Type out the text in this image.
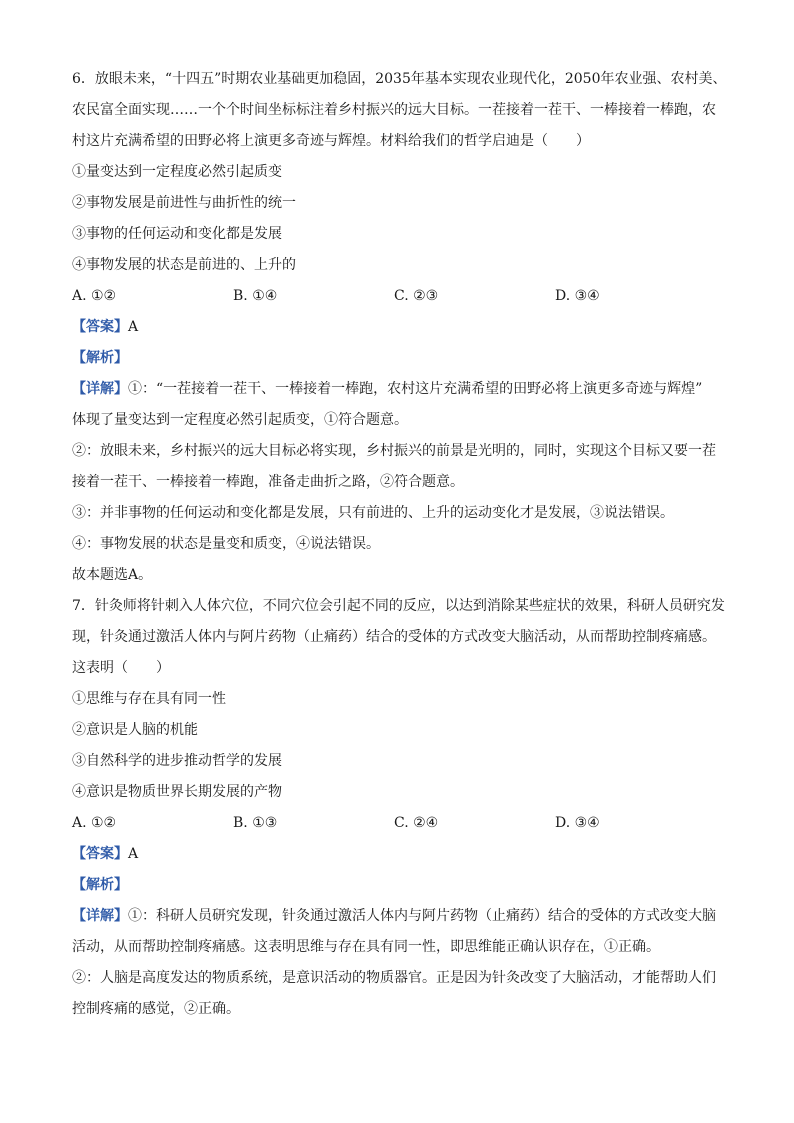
6．放眼未来，“十四五”时期农业基础更加稳固，2035年基本实现农业现代化，2050年农业强、农村美、
农民富全面实现……一个个时间坐标标注着乡村振兴的远大目标。一茬接着一茬干、一棒接着一棒跑，农
村这片充满希望的田野必将上演更多奇迹与辉煌。材料给我们的哲学启迪是（　　）
①量变达到一定程度必然引起质变
②事物发展是前进性与曲折性的统一
③事物的任何运动和变化都是发展
④事物发展的状态是前进的、上升的
A. ①②	B. ①④	C. ②③	D. ③④
【答案】A
【解析】
【详解】①：“一茬接着一茬干、一棒接着一棒跑，农村这片充满希望的田野必将上演更多奇迹与辉煌”
体现了量变达到一定程度必然引起质变，①符合题意。
②：放眼未来，乡村振兴的远大目标必将实现，乡村振兴的前景是光明的，同时，实现这个目标又要一茬
接着一茬干、一棒接着一棒跑，准备走曲折之路，②符合题意。
③：并非事物的任何运动和变化都是发展，只有前进的、上升的运动变化才是发展，③说法错误。
④：事物发展的状态是量变和质变，④说法错误。
故本题选A。
7．针灸师将针刺入人体穴位，不同穴位会引起不同的反应，以达到消除某些症状的效果，科研人员研究发
现，针灸通过激活人体内与阿片药物（止痛药）结合的受体的方式改变大脑活动，从而帮助控制疼痛感。
这表明（　　）
①思维与存在具有同一性
②意识是人脑的机能
③自然科学的进步推动哲学的发展
④意识是物质世界长期发展的产物
A. ①②	B. ①③	C. ②④	D. ③④
【答案】A
【解析】
【详解】①：科研人员研究发现，针灸通过激活人体内与阿片药物（止痛药）结合的受体的方式改变大脑
活动，从而帮助控制疼痛感。这表明思维与存在具有同一性，即思维能正确认识存在，①正确。
②：人脑是高度发达的物质系统，是意识活动的物质器官。正是因为针灸改变了大脑活动，才能帮助人们
控制疼痛的感觉，②正确。
